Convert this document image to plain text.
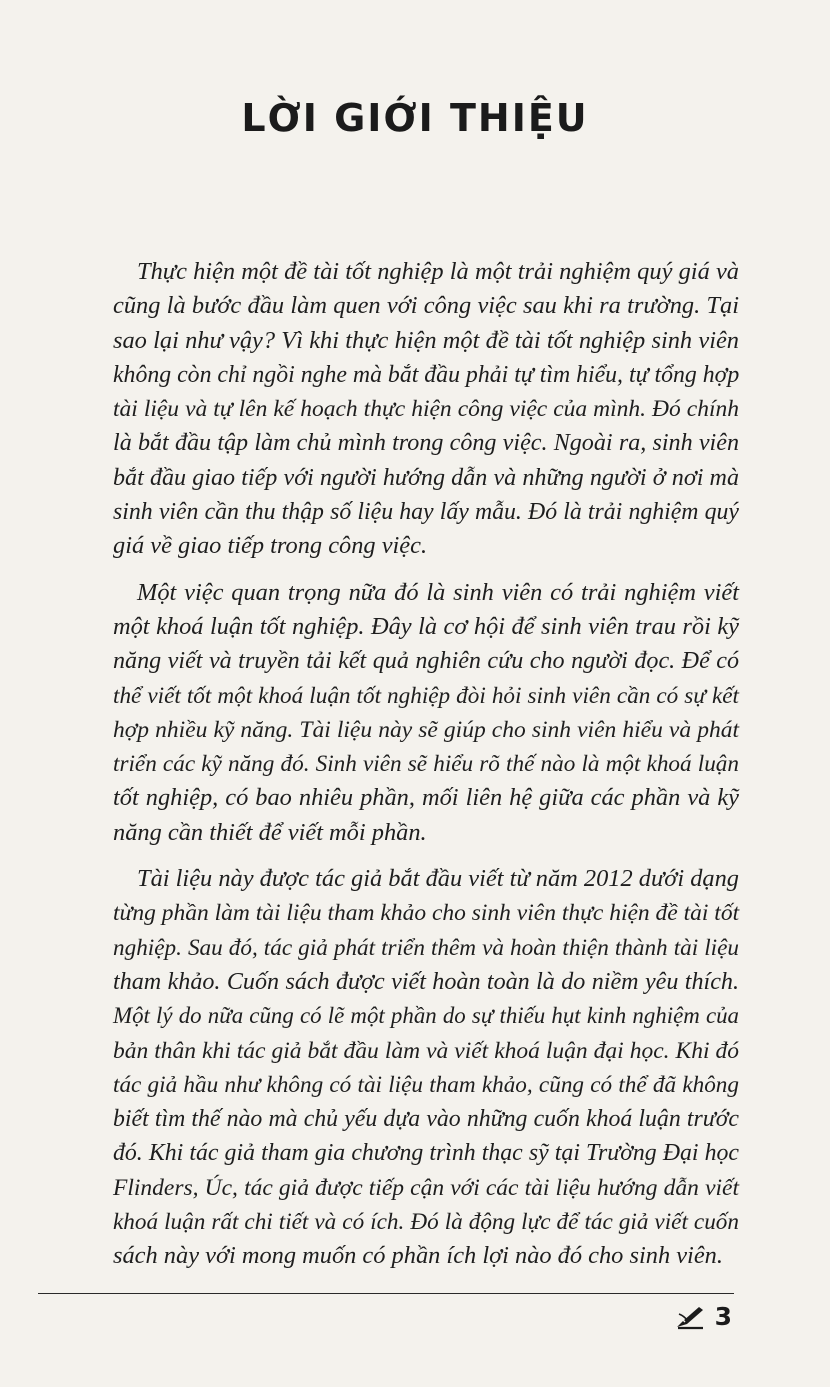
LỜI GIỚI THIỆU
Thực hiện một đề tài tốt nghiệp là một trải nghiệm quý giá và
cũng là bước đầu làm quen với công việc sau khi ra trường. Tại
sao lại như vậy? Vì khi thực hiện một đề tài tốt nghiệp sinh viên
không còn chỉ ngồi nghe mà bắt đầu phải tự tìm hiểu, tự tổng hợp
tài liệu và tự lên kế hoạch thực hiện công việc của mình. Đó chính
là bắt đầu tập làm chủ mình trong công việc. Ngoài ra, sinh viên
bắt đầu giao tiếp với người hướng dẫn và những người ở nơi mà
sinh viên cần thu thập số liệu hay lấy mẫu. Đó là trải nghiệm quý
giá về giao tiếp trong công việc.
Một việc quan trọng nữa đó là sinh viên có trải nghiệm viết
một khoá luận tốt nghiệp. Đây là cơ hội để sinh viên trau rồi kỹ
năng viết và truyền tải kết quả nghiên cứu cho người đọc. Để có
thể viết tốt một khoá luận tốt nghiệp đòi hỏi sinh viên cần có sự kết
hợp nhiều kỹ năng. Tài liệu này sẽ giúp cho sinh viên hiểu và phát
triển các kỹ năng đó. Sinh viên sẽ hiểu rõ thế nào là một khoá luận
tốt nghiệp, có bao nhiêu phần, mối liên hệ giữa các phần và kỹ
năng cần thiết để viết mỗi phần.
Tài liệu này được tác giả bắt đầu viết từ năm 2012 dưới dạng
từng phần làm tài liệu tham khảo cho sinh viên thực hiện đề tài tốt
nghiệp. Sau đó, tác giả phát triển thêm và hoàn thiện thành tài liệu
tham khảo. Cuốn sách được viết hoàn toàn là do niềm yêu thích.
Một lý do nữa cũng có lẽ một phần do sự thiếu hụt kinh nghiệm của
bản thân khi tác giả bắt đầu làm và viết khoá luận đại học. Khi đó
tác giả hầu như không có tài liệu tham khảo, cũng có thể đã không
biết tìm thế nào mà chủ yếu dựa vào những cuốn khoá luận trước
đó. Khi tác giả tham gia chương trình thạc sỹ tại Trường Đại học
Flinders, Úc, tác giả được tiếp cận với các tài liệu hướng dẫn viết
khoá luận rất chi tiết và có ích. Đó là động lực để tác giả viết cuốn
sách này với mong muốn có phần ích lợi nào đó cho sinh viên.
3
